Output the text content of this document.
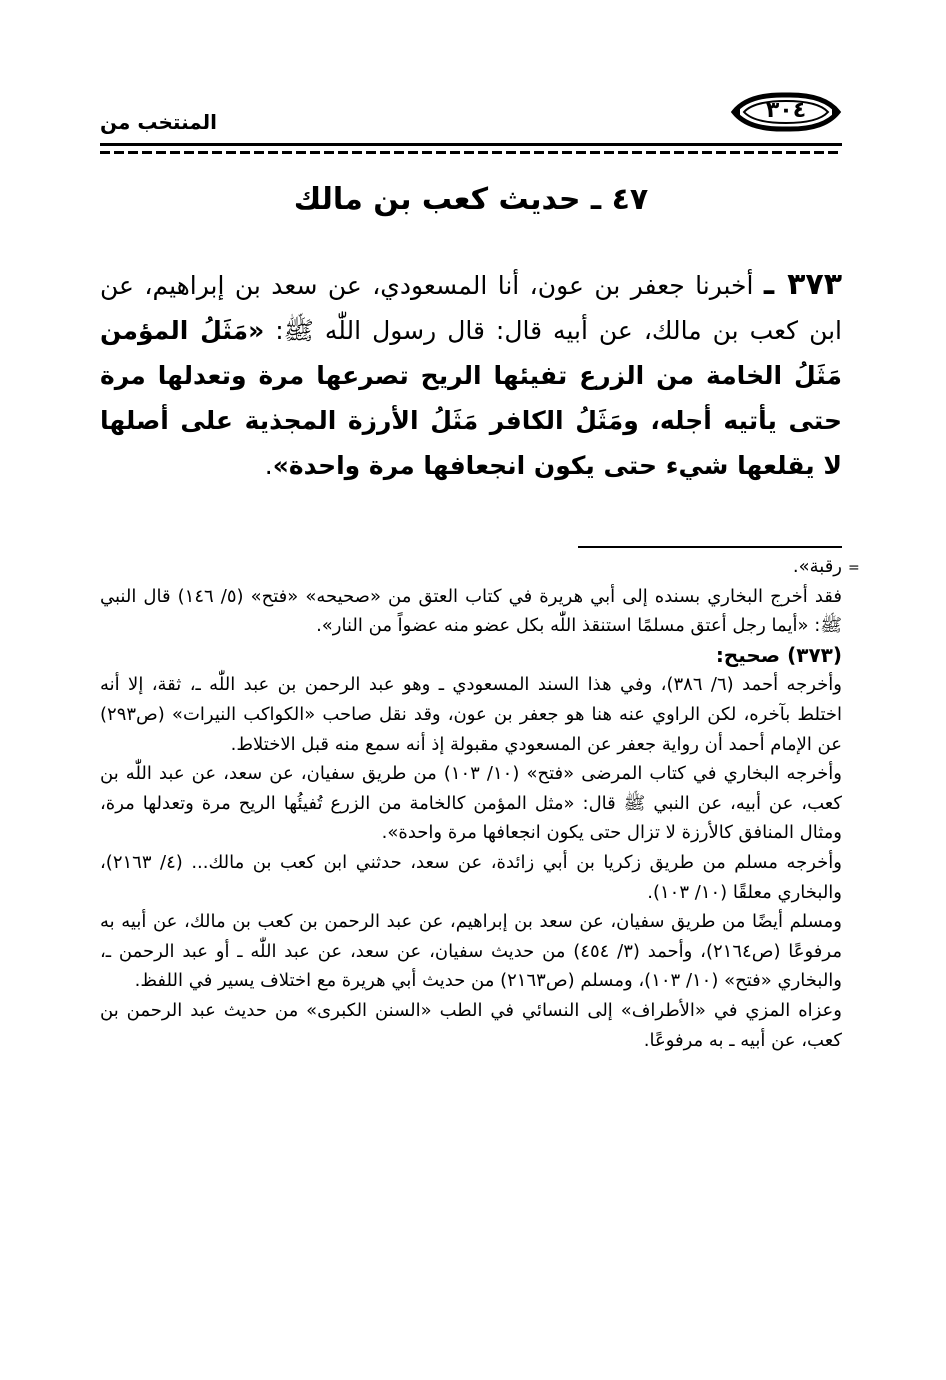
المنتخب من	٣٠٤
٤٧ ـ حديث كعب بن مالك
٣٧٣ ـ أخبرنا جعفر بن عون، أنا المسعودي، عن سعد بن إبراهيم، عن ابن كعب بن مالك، عن أبيه قال: قال رسول اللّٰه ﷺ: «مَثَلُ المؤمن مَثَلُ الخامة من الزرع تفيئها الريح تصرعها مرة وتعدلها مرة حتى يأتيه أجله، ومَثَلُ الكافر مَثَلُ الأرزة المجذية على أصلها لا يقلعها شيء حتى يكون انجعافها مرة واحدة».
=

رقبة».

فقد أخرج البخاري بسنده إلى أبي هريرة في كتاب العتق من «صحيحه» «فتح» (٥/ ١٤٦) قال النبي ﷺ: «أيما رجل أعتق مسلمًا استنقذ اللّٰه بكل عضو منه عضواً من النار».

(٣٧٣) صحيح:

وأخرجه أحمد (٦/ ٣٨٦)، وفي هذا السند المسعودي ـ وهو عبد الرحمن بن عبد اللّٰه ـ، ثقة، إلا أنه اختلط بآخره، لكن الراوي عنه هنا هو جعفر بن عون، وقد نقل صاحب «الكواكب النيرات» (ص٢٩٣) عن الإمام أحمد أن رواية جعفر عن المسعودي مقبولة إذ أنه سمع منه قبل الاختلاط.

وأخرجه البخاري في كتاب المرضى «فتح» (١٠/ ١٠٣) من طريق سفيان، عن سعد، عن عبد اللّٰه بن كعب، عن أبيه، عن النبي ﷺ قال: «مثل المؤمن كالخامة من الزرع تُفيئُها الريح مرة وتعدلها مرة، ومثال المنافق كالأرزة لا تزال حتى يكون انجعافها مرة واحدة».

وأخرجه مسلم من طريق زكريا بن أبي زائدة، عن سعد، حدثني ابن كعب بن مالك... (٤/ ٢١٦٣)، والبخاري معلقًا (١٠/ ١٠٣).

ومسلم أيضًا من طريق سفيان، عن سعد بن إبراهيم، عن عبد الرحمن بن كعب بن مالك، عن أبيه به مرفوعًا (ص٢١٦٤)، وأحمد (٣/ ٤٥٤) من حديث سفيان، عن سعد، عن عبد اللّٰه ـ أو عبد الرحمن ـ، والبخاري «فتح» (١٠/ ١٠٣)، ومسلم (ص٢١٦٣) من حديث أبي هريرة مع اختلاف يسير في اللفظ.

وعزاه المزي في «الأطراف» إلى النسائي في الطب «السنن الكبرى» من حديث عبد الرحمن بن كعب، عن أبيه ـ به مرفوعًا.
